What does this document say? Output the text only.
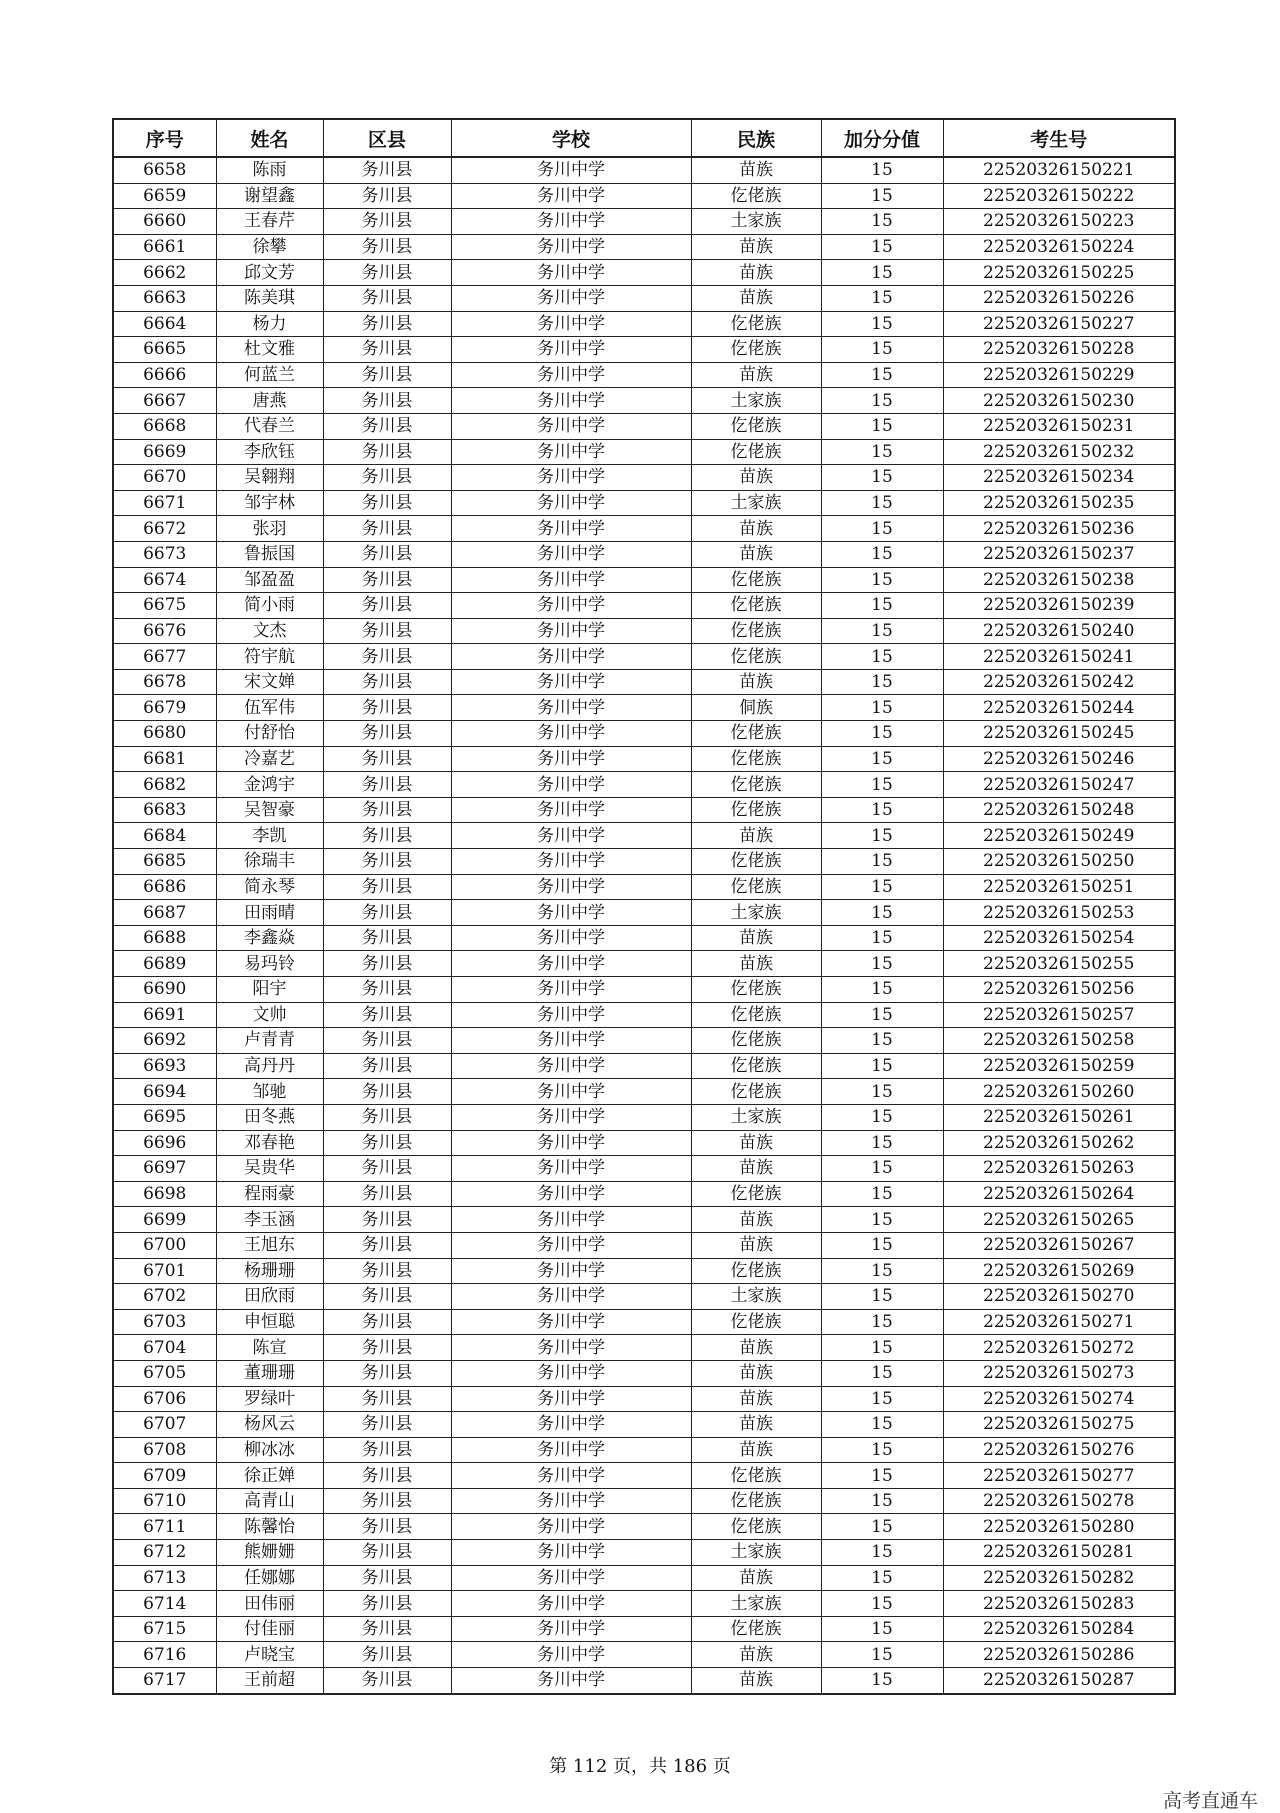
序号	姓名	区县	学校	民族	加分分值	考生号
6658	陈雨	务川县	务川中学	苗族	15	22520326150221
6659	谢望鑫	务川县	务川中学	仡佬族	15	22520326150222
6660	王春芹	务川县	务川中学	土家族	15	22520326150223
6661	徐攀	务川县	务川中学	苗族	15	22520326150224
6662	邱文芳	务川县	务川中学	苗族	15	22520326150225
6663	陈美琪	务川县	务川中学	苗族	15	22520326150226
6664	杨力	务川县	务川中学	仡佬族	15	22520326150227
6665	杜文雅	务川县	务川中学	仡佬族	15	22520326150228
6666	何蓝兰	务川县	务川中学	苗族	15	22520326150229
6667	唐燕	务川县	务川中学	土家族	15	22520326150230
6668	代春兰	务川县	务川中学	仡佬族	15	22520326150231
6669	李欣钰	务川县	务川中学	仡佬族	15	22520326150232
6670	吴翱翔	务川县	务川中学	苗族	15	22520326150234
6671	邹宇林	务川县	务川中学	土家族	15	22520326150235
6672	张羽	务川县	务川中学	苗族	15	22520326150236
6673	鲁振国	务川县	务川中学	苗族	15	22520326150237
6674	邹盈盈	务川县	务川中学	仡佬族	15	22520326150238
6675	简小雨	务川县	务川中学	仡佬族	15	22520326150239
6676	文杰	务川县	务川中学	仡佬族	15	22520326150240
6677	符宇航	务川县	务川中学	仡佬族	15	22520326150241
6678	宋文婵	务川县	务川中学	苗族	15	22520326150242
6679	伍军伟	务川县	务川中学	侗族	15	22520326150244
6680	付舒怡	务川县	务川中学	仡佬族	15	22520326150245
6681	冷嘉艺	务川县	务川中学	仡佬族	15	22520326150246
6682	金鸿宇	务川县	务川中学	仡佬族	15	22520326150247
6683	吴智豪	务川县	务川中学	仡佬族	15	22520326150248
6684	李凯	务川县	务川中学	苗族	15	22520326150249
6685	徐瑞丰	务川县	务川中学	仡佬族	15	22520326150250
6686	简永琴	务川县	务川中学	仡佬族	15	22520326150251
6687	田雨晴	务川县	务川中学	土家族	15	22520326150253
6688	李鑫焱	务川县	务川中学	苗族	15	22520326150254
6689	易玛铃	务川县	务川中学	苗族	15	22520326150255
6690	阳宇	务川县	务川中学	仡佬族	15	22520326150256
6691	文帅	务川县	务川中学	仡佬族	15	22520326150257
6692	卢青青	务川县	务川中学	仡佬族	15	22520326150258
6693	高丹丹	务川县	务川中学	仡佬族	15	22520326150259
6694	邹驰	务川县	务川中学	仡佬族	15	22520326150260
6695	田冬燕	务川县	务川中学	土家族	15	22520326150261
6696	邓春艳	务川县	务川中学	苗族	15	22520326150262
6697	吴贵华	务川县	务川中学	苗族	15	22520326150263
6698	程雨豪	务川县	务川中学	仡佬族	15	22520326150264
6699	李玉涵	务川县	务川中学	苗族	15	22520326150265
6700	王旭东	务川县	务川中学	苗族	15	22520326150267
6701	杨珊珊	务川县	务川中学	仡佬族	15	22520326150269
6702	田欣雨	务川县	务川中学	土家族	15	22520326150270
6703	申恒聪	务川县	务川中学	仡佬族	15	22520326150271
6704	陈宣	务川县	务川中学	苗族	15	22520326150272
6705	董珊珊	务川县	务川中学	苗族	15	22520326150273
6706	罗绿叶	务川县	务川中学	苗族	15	22520326150274
6707	杨风云	务川县	务川中学	苗族	15	22520326150275
6708	柳冰冰	务川县	务川中学	苗族	15	22520326150276
6709	徐正婵	务川县	务川中学	仡佬族	15	22520326150277
6710	高青山	务川县	务川中学	仡佬族	15	22520326150278
6711	陈馨怡	务川县	务川中学	仡佬族	15	22520326150280
6712	熊姗姗	务川县	务川中学	土家族	15	22520326150281
6713	任娜娜	务川县	务川中学	苗族	15	22520326150282
6714	田伟丽	务川县	务川中学	土家族	15	22520326150283
6715	付佳丽	务川县	务川中学	仡佬族	15	22520326150284
6716	卢晓宝	务川县	务川中学	苗族	15	22520326150286
6717	王前超	务川县	务川中学	苗族	15	22520326150287
第 112 页，共 186 页
高考直通车
